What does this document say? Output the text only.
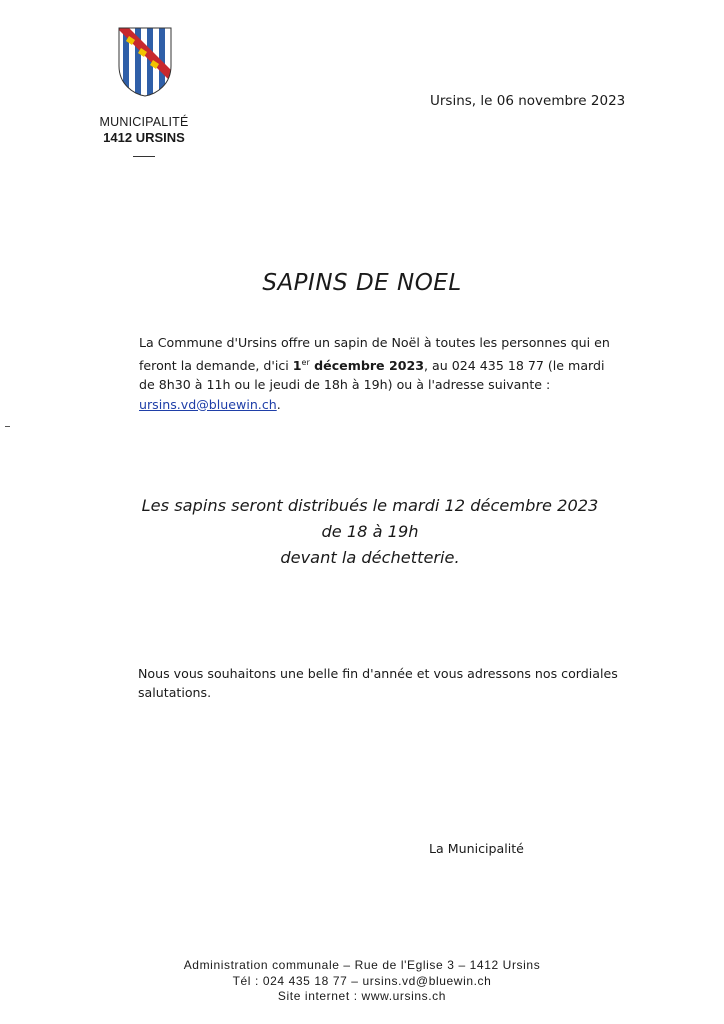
MUNICIPALITÉ
1412 URSINS
Ursins, le 06 novembre 2023
SAPINS DE NOEL
La Commune d'Ursins offre un sapin de Noël à toutes les personnes qui en feront la demande, d'ici 1er décembre 2023, au 024 435 18 77 (le mardi de 8h30 à 11h ou le jeudi de 18h à 19h) ou à l'adresse suivante :
ursins.vd@bluewin.ch.
Les sapins seront distribués le mardi 12 décembre 2023
de 18 à 19h
devant la déchetterie.
Nous vous souhaitons une belle fin d'année et vous adressons nos cordiales salutations.
La Municipalité
Administration communale – Rue de l'Eglise 3 – 1412 Ursins
Tél : 024 435 18 77 – ursins.vd@bluewin.ch
Site internet : www.ursins.ch
